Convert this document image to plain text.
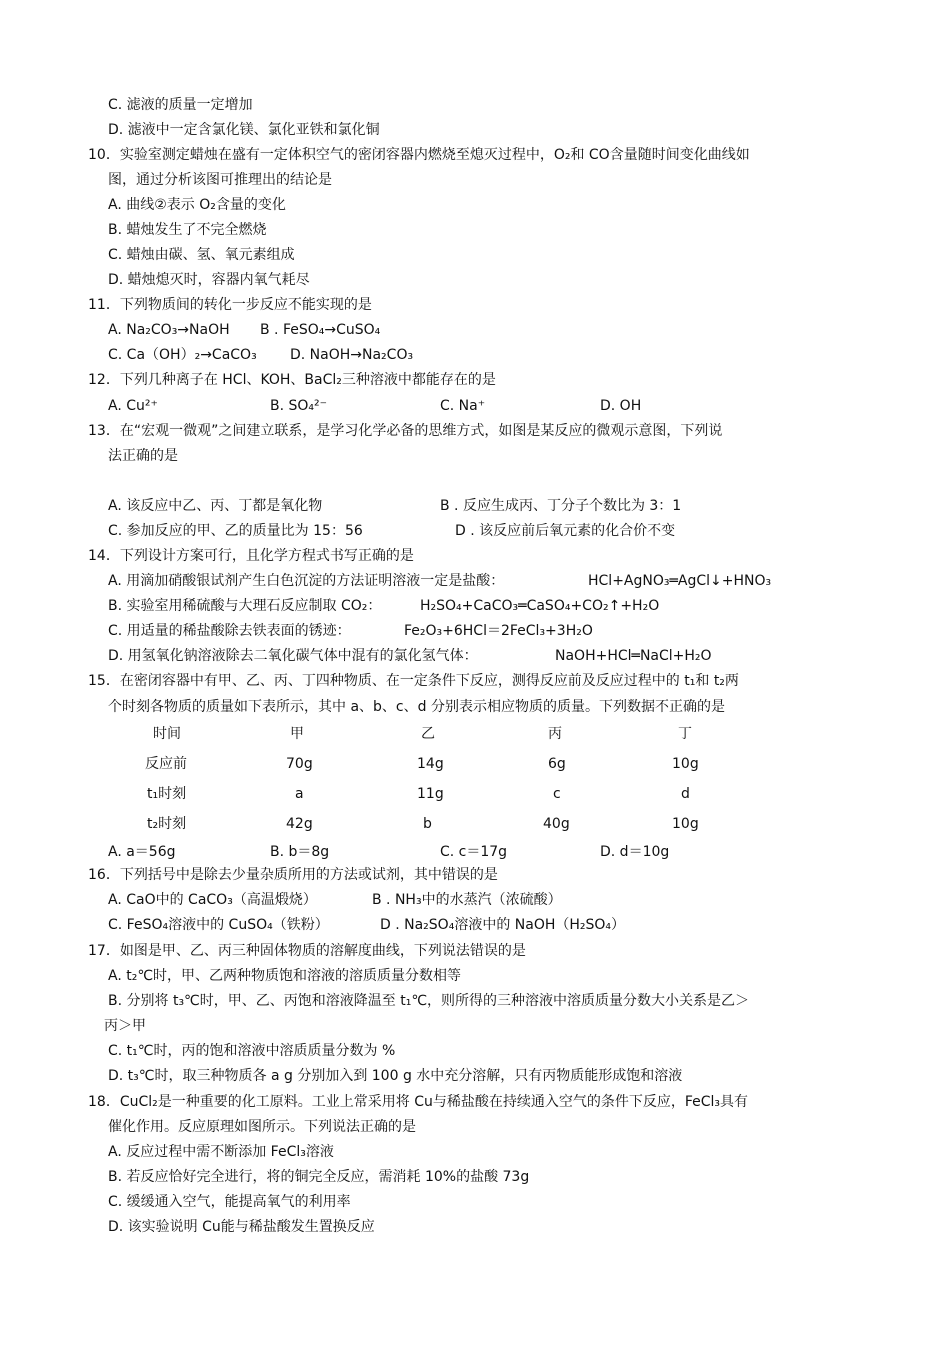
C. 滤液的质量一定增加
D. 滤液中一定含氯化镁、氯化亚铁和氯化铜
10．实验室测定蜡烛在盛有一定体积空气的密闭容器内燃烧至熄灭过程中，O₂和 CO含量随时间变化曲线如
图，通过分析该图可推理出的结论是
A. 曲线②表示 O₂含量的变化
B. 蜡烛发生了不完全燃烧
C. 蜡烛由碳、氢、氧元素组成
D. 蜡烛熄灭时，容器内氧气耗尽
11．下列物质间的转化一步反应不能实现的是
A. Na₂CO₃→NaOH B . FeSO₄→CuSO₄
C. Ca（OH）₂→CaCO₃ D. NaOH→Na₂CO₃
12．下列几种离子在 HCl、KOH、BaCl₂三种溶液中都能存在的是
A. Cu²⁺	B. SO₄²⁻	C. Na⁺	D. OH
13．在“宏观一微观”之间建立联系，是学习化学必备的思维方式，如图是某反应的微观示意图，下列说
法正确的是
A. 该反应中乙、丙、丁都是氧化物	B . 反应生成丙、丁分子个数比为 3：1
C. 参加反应的甲、乙的质量比为 15：56	D . 该反应前后氧元素的化合价不变
14．下列设计方案可行，且化学方程式书写正确的是
A. 用滴加硝酸银试剂产生白色沉淀的方法证明溶液一定是盐酸：	HCl+AgNO₃═AgCl↓+HNO₃
B. 实验室用稀硫酸与大理石反应制取 CO₂：	H₂SO₄+CaCO₃═CaSO₄+CO₂↑+H₂O
C. 用适量的稀盐酸除去铁表面的锈迹：	Fe₂O₃+6HCl＝2FeCl₃+3H₂O
D. 用氢氧化钠溶液除去二氧化碳气体中混有的氯化氢气体：	NaOH+HCl═NaCl+H₂O
15．在密闭容器中有甲、乙、丙、丁四种物质、在一定条件下反应，测得反应前及反应过程中的 t₁和 t₂两
个时刻各物质的质量如下表所示，其中 a、b、c、d 分别表示相应物质的质量。下列数据不正确的是
时间	甲	乙	丙	丁
反应前	70g	14g	6g	10g
t₁时刻	a	11g	c	d
t₂时刻	42g	b	40g	10g
A. a＝56g	B. b＝8g	C. c＝17g	D. d＝10g
16．下列括号中是除去少量杂质所用的方法或试剂，其中错误的是
A. CaO中的 CaCO₃（高温煅烧）	B . NH₃中的水蒸汽（浓硫酸）
C. FeSO₄溶液中的 CuSO₄（铁粉）	D . Na₂SO₄溶液中的 NaOH（H₂SO₄）
17．如图是甲、乙、丙三种固体物质的溶解度曲线，下列说法错误的是
A. t₂℃时，甲、乙两种物质饱和溶液的溶质质量分数相等
B. 分别将 t₃℃时，甲、乙、丙饱和溶液降温至 t₁℃，则所得的三种溶液中溶质质量分数大小关系是乙＞
丙＞甲
C. t₁℃时，丙的饱和溶液中溶质质量分数为 %
D. t₃℃时，取三种物质各 a g 分别加入到 100 g 水中充分溶解，只有丙物质能形成饱和溶液
18．CuCl₂是一种重要的化工原料。工业上常采用将 Cu与稀盐酸在持续通入空气的条件下反应，FeCl₃具有
催化作用。反应原理如图所示。下列说法正确的是
A. 反应过程中需不断添加 FeCl₃溶液
B. 若反应恰好完全进行，将的铜完全反应，需消耗 10%的盐酸 73g
C. 缓缓通入空气，能提高氧气的利用率
D. 该实验说明 Cu能与稀盐酸发生置换反应
